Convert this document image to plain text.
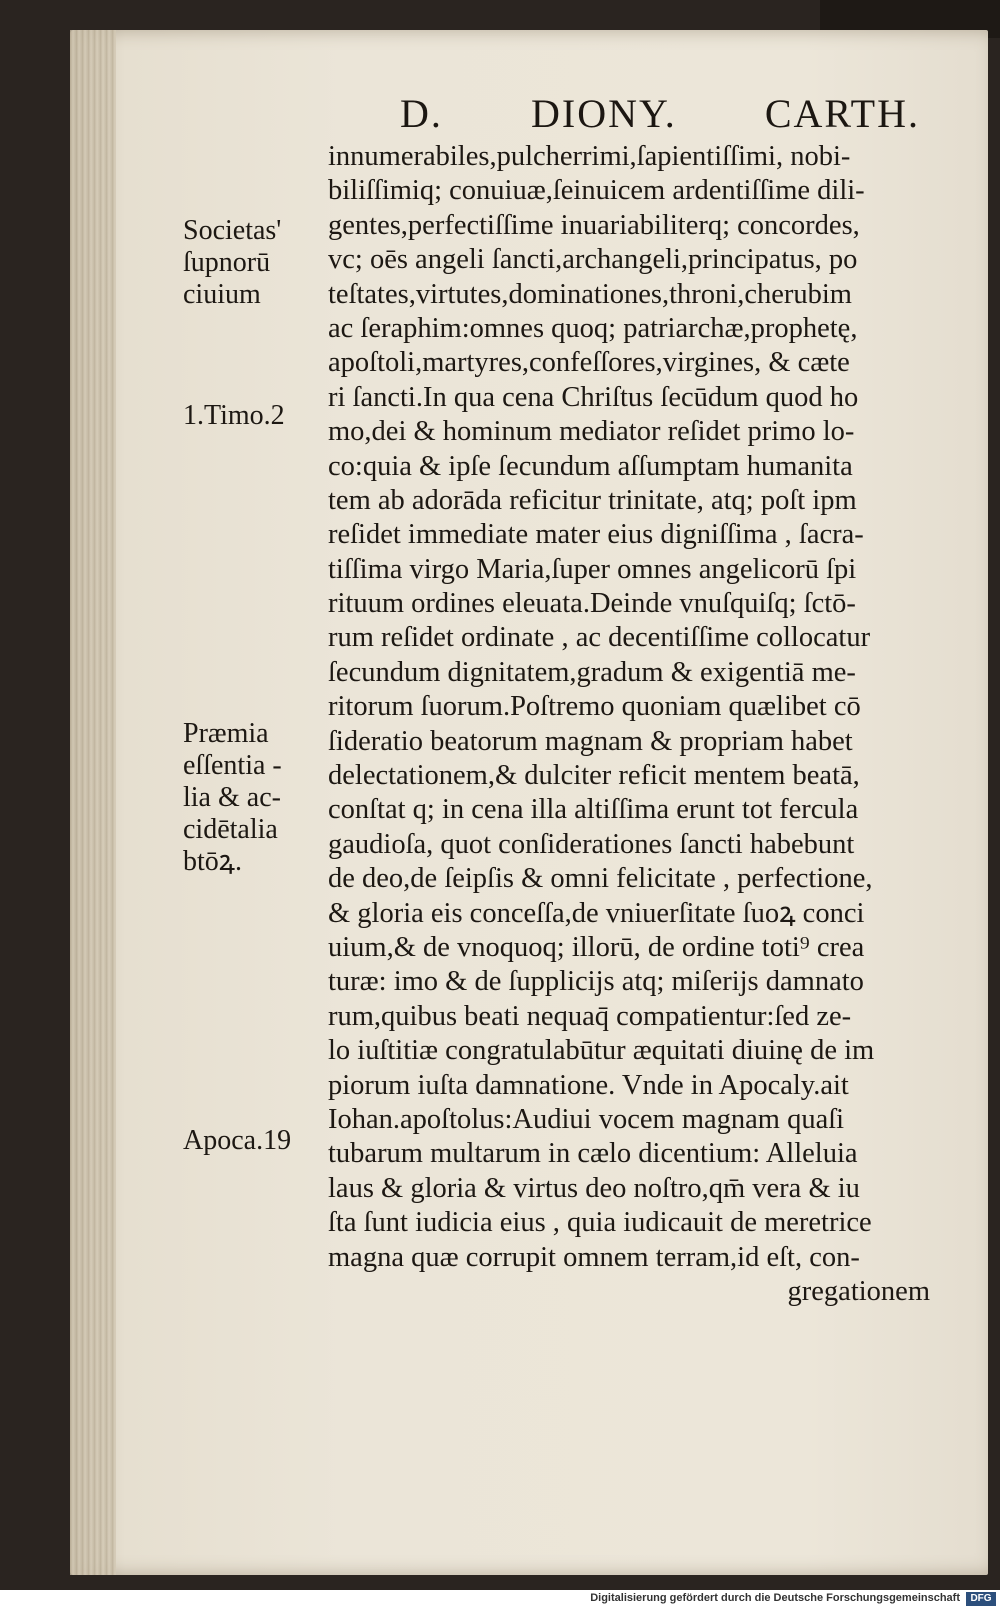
D. DIONY. CARTH.
innumerabiles,pulcherrimi,ſapientiſſimi, nobi-
biliſſimiq; conuiuæ,ſeinuicem ardentiſſime dili-
gentes,perfectiſſime inuariabiliterq; concordes,
vc; oēs angeli ſancti,archangeli,principatus, po
teſtates,virtutes,dominationes,throni,cherubim
ac ſeraphim:omnes quoq; patriarchæ,prophetę,
apoſtoli,martyres,confeſſores,virgines, & cæte
ri ſancti.In qua cena Chriſtus ſecūdum quod ho
mo,dei & hominum mediator reſidet primo lo-
co:quia & ipſe ſecundum aſſumptam humanita
tem ab adorāda reficitur trinitate, atq; poſt ipm
reſidet immediate mater eius digniſſima , ſacra-
tiſſima virgo Maria,ſuper omnes angelicorū ſpi
rituum ordines eleuata.Deinde vnuſquiſq; ſctō-
rum reſidet ordinate , ac decentiſſime collocatur
ſecundum dignitatem,gradum & exigentiā me-
ritorum ſuorum.Poſtremo quoniam quælibet cō
ſideratio beatorum magnam & propriam habet
delectationem,& dulciter reficit mentem beatā,
conſtat q; in cena illa altiſſima erunt tot fercula
gaudioſa, quot conſiderationes ſancti habebunt
de deo,de ſeipſis & omni felicitate , perfectione,
& gloria eis conceſſa,de vniuerſitate ſuoꝝ conci
uium,& de vnoquoq; illorū, de ordine toti⁹ crea
turæ: imo & de ſupplicijs atq; miſerijs damnato
rum,quibus beati nequaq̄ compatientur:ſed ze-
lo iuſtitiæ congratulabūtur æquitati diuinę de im
piorum iuſta damnatione. Vnde in Apocaly.ait
Iohan.apoſtolus:Audiui vocem magnam quaſi
tubarum multarum in cælo dicentium: Alleluia
laus & gloria & virtus deo noſtro,qm̄ vera & iu
ſta ſunt iudicia eius , quia iudicauit de meretrice
magna quæ corrupit omnem terram,id eſt, con-
gregationem
Societas'
ſupnorū
ciuium
1.Timo.2
Præmia
eſſentia -
lia & ac-
cidētalia
btōꝝ.
Apoca.19
Digitalisierung gefördert durch die Deutsche Forschungsgemeinschaft	DFG
